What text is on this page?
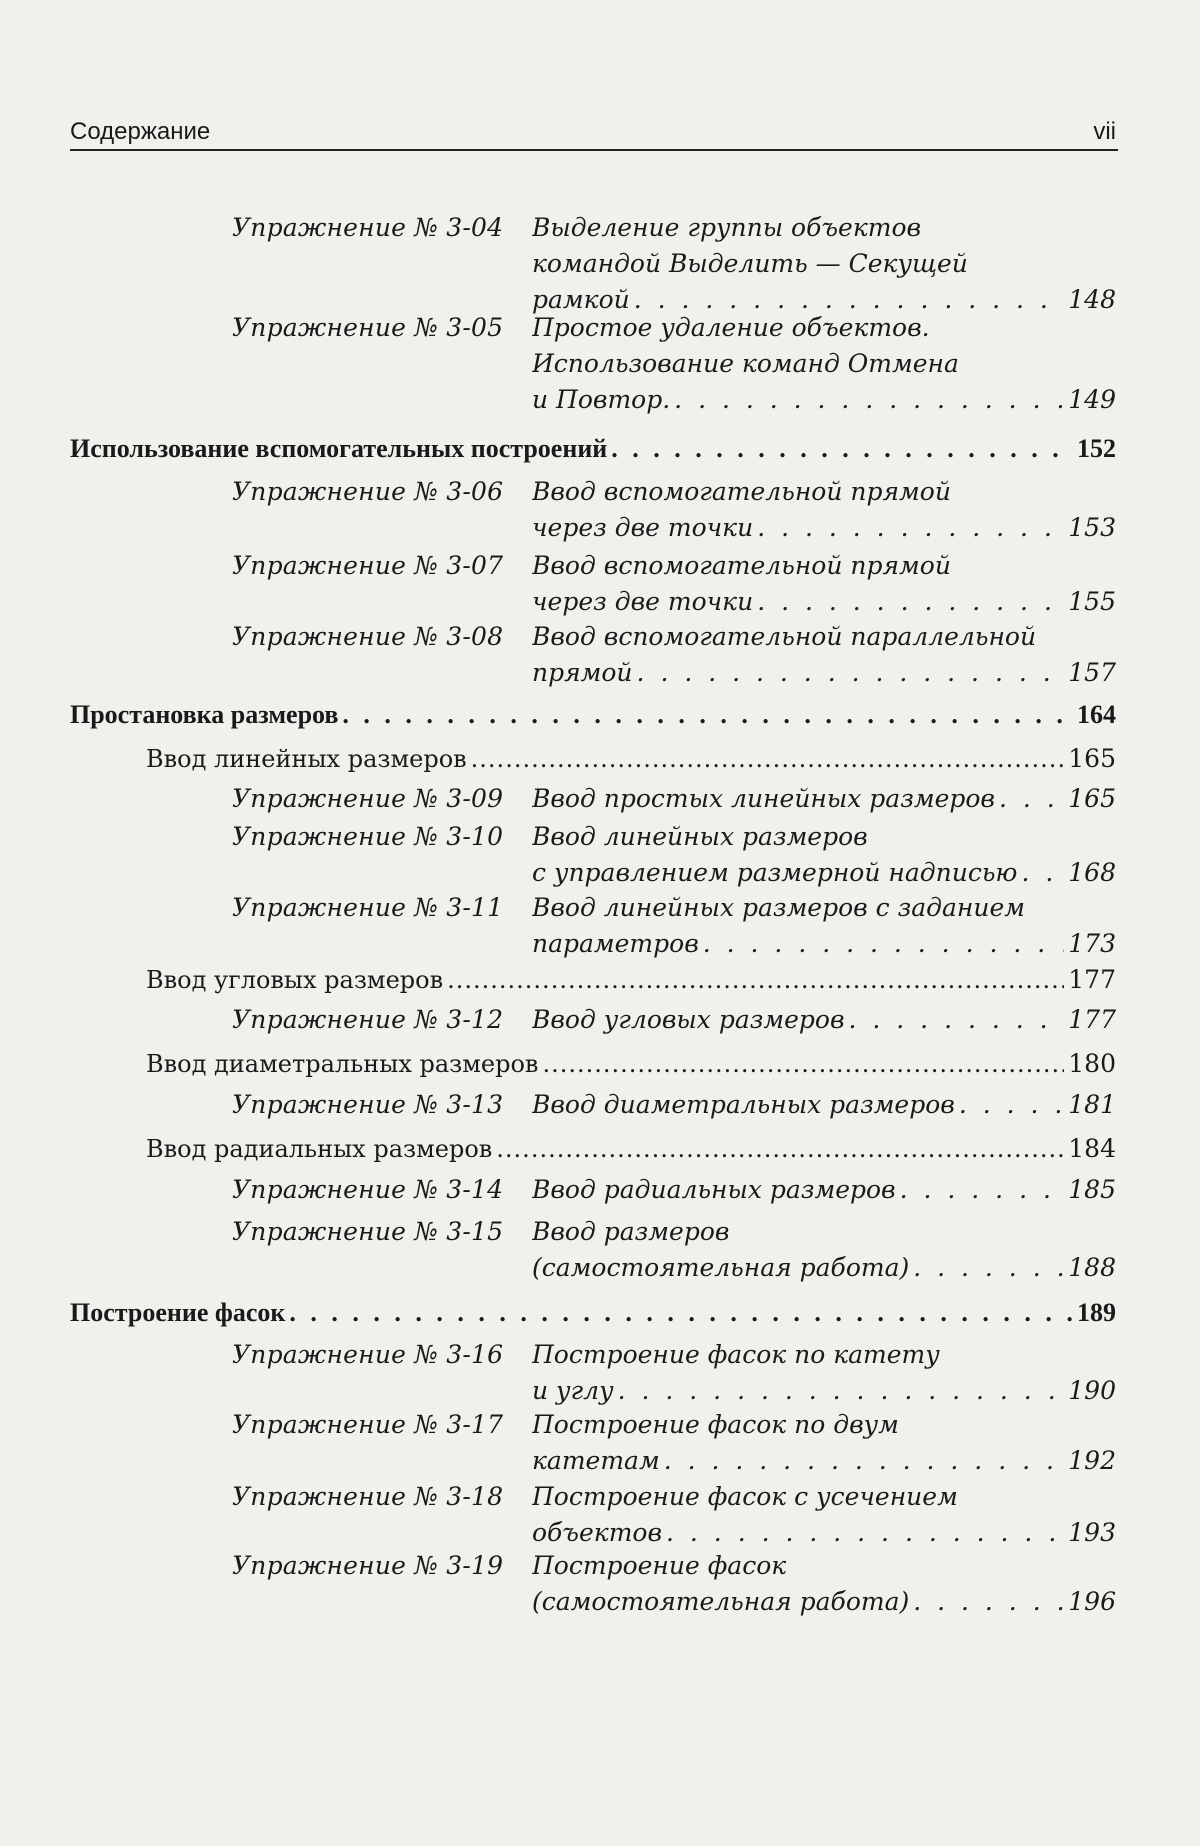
Содержание	vii
Упражнение № 3-04 Выделение группы объектов
командой Выделить — Секущей
рамкой . . .	148
Упражнение № 3-05 Простое удаление объектов.
Использование команд Отмена
и Повтор. . . .	149
Использование вспомогательных построений . . .	152
Упражнение № 3-06 Ввод вспомогательной прямой
через две точки . . .	153
Упражнение № 3-07 Ввод вспомогательной прямой
через две точки . . .	155
Упражнение № 3-08 Ввод вспомогательной параллельной
прямой . . .	157
Простановка размеров . . .	164
Ввод линейных размеров .....	165
Упражнение № 3-09 Ввод простых линейных размеров . . .	165
Упражнение № 3-10 Ввод линейных размеров
с управлением размерной надписью . . . 168
Упражнение № 3-11 Ввод линейных размеров с заданием
параметров . . .	173
Ввод угловых размеров .....	177
Упражнение № 3-12 Ввод угловых размеров . . .	177
Ввод диаметральных размеров .....	180
Упражнение № 3-13 Ввод диаметральных размеров . . .	181
Ввод радиальных размеров .....	184
Упражнение № 3-14 Ввод радиальных размеров . . .	185
Упражнение № 3-15 Ввод размеров
(самостоятельная работа) . . .	188
Построение фасок . . .	189
Упражнение № 3-16 Построение фасок по катету
и углу . . .	190
Упражнение № 3-17 Построение фасок по двум
катетам . . .	192
Упражнение № 3-18 Построение фасок с усечением
объектов . . .	193
Упражнение № 3-19 Построение фасок
(самостоятельная работа) . . .	196
